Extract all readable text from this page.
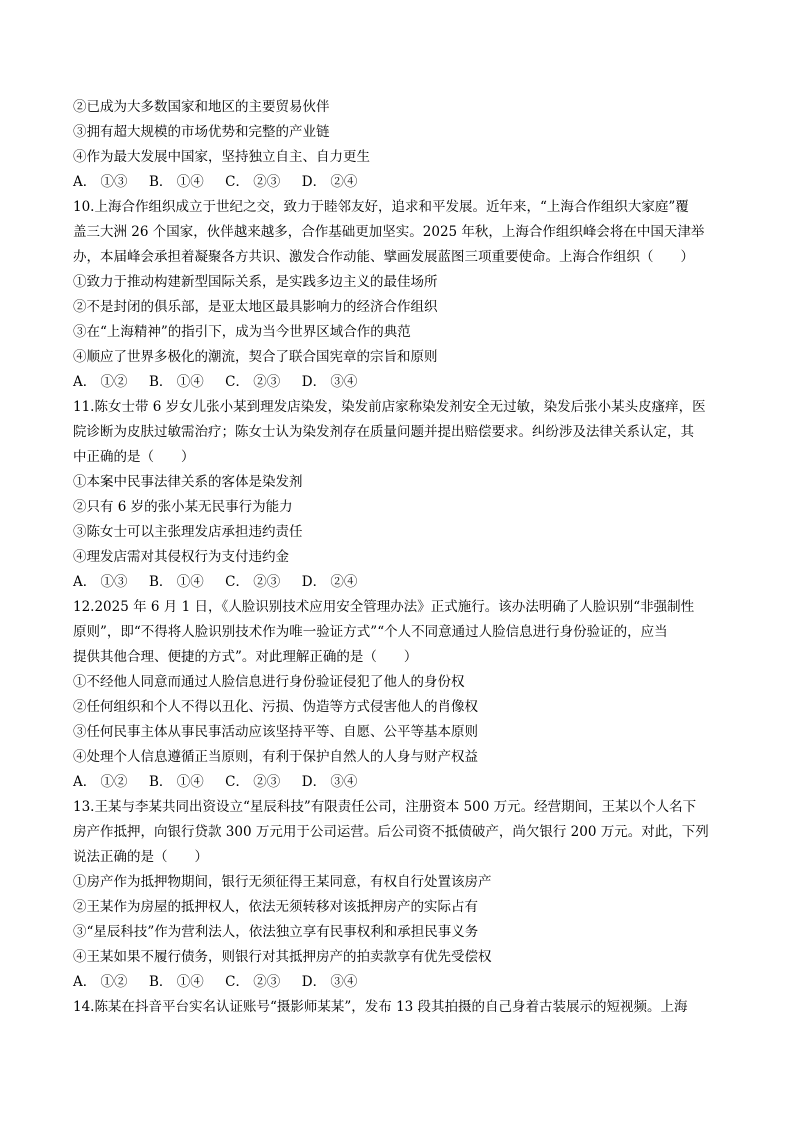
②已成为大多数国家和地区的主要贸易伙伴

③拥有超大规模的市场优势和完整的产业链

④作为最大发展中国家，坚持独立自主、自力更生

A． ①③     B． ①④     C． ②③     D． ②④

10.上海合作组织成立于世纪之交，致力于睦邻友好，追求和平发展。近年来，“上海合作组织大家庭”覆

盖三大洲 26 个国家，伙伴越来越多，合作基础更加坚实。2025 年秋，上海合作组织峰会将在中国天津举

办，本届峰会承担着凝聚各方共识、激发合作动能、擘画发展蓝图三项重要使命。上海合作组织（　　）

①致力于推动构建新型国际关系，是实践多边主义的最佳场所

②不是封闭的俱乐部，是亚太地区最具影响力的经济合作组织

③在“上海精神”的指引下，成为当今世界区域合作的典范

④顺应了世界多极化的潮流，契合了联合国宪章的宗旨和原则

A． ①②     B． ①④     C． ②③     D． ③④

11.陈女士带 6 岁女儿张小某到理发店染发，染发前店家称染发剂安全无过敏，染发后张小某头皮瘙痒，医

院诊断为皮肤过敏需治疗；陈女士认为染发剂存在质量问题并提出赔偿要求。纠纷涉及法律关系认定，其

中正确的是（　　）

①本案中民事法律关系的客体是染发剂

②只有 6 岁的张小某无民事行为能力

③陈女士可以主张理发店承担违约责任

④理发店需对其侵权行为支付违约金

A． ①③     B． ①④     C． ②③     D． ②④

12.2025 年 6 月 1 日，《人脸识别技术应用安全管理办法》正式施行。该办法明确了人脸识别“非强制性

原则”，即“不得将人脸识别技术作为唯一验证方式”“个人不同意通过人脸信息进行身份验证的，应当

提供其他合理、便捷的方式”。对此理解正确的是（　　）

①不经他人同意而通过人脸信息进行身份验证侵犯了他人的身份权

②任何组织和个人不得以丑化、污损、伪造等方式侵害他人的肖像权

③任何民事主体从事民事活动应该坚持平等、自愿、公平等基本原则

④处理个人信息遵循正当原则，有利于保护自然人的人身与财产权益

A． ①②     B． ①④     C． ②③     D． ③④

13.王某与李某共同出资设立“星辰科技”有限责任公司，注册资本 500 万元。经营期间，王某以个人名下

房产作抵押，向银行贷款 300 万元用于公司运营。后公司资不抵债破产，尚欠银行 200 万元。对此，下列

说法正确的是（　　）

①房产作为抵押物期间，银行无须征得王某同意，有权自行处置该房产

②王某作为房屋的抵押权人，依法无须转移对该抵押房产的实际占有

③“星辰科技”作为营利法人，依法独立享有民事权利和承担民事义务

④王某如果不履行债务，则银行对其抵押房产的拍卖款享有优先受偿权

A． ①②     B． ①④     C． ②③     D． ③④

14.陈某在抖音平台实名认证账号“摄影师某某”，发布 13 段其拍摄的自己身着古装展示的短视频。上海
